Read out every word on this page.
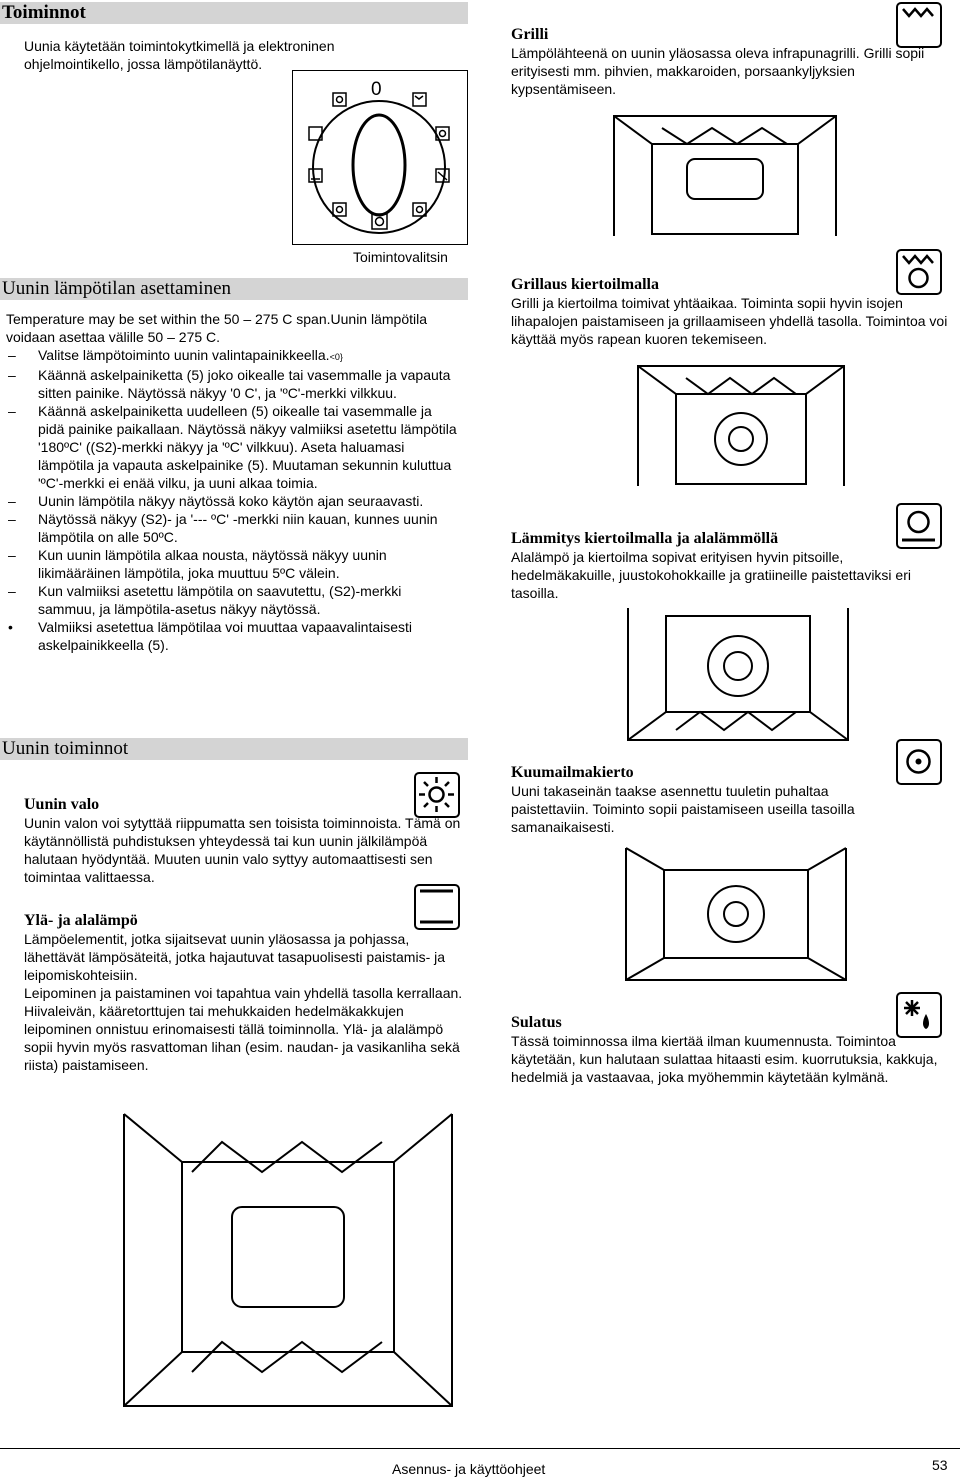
Toiminnot
Uunia käytetään toimintokytkimellä ja elektroninen ohjelmointikello, jossa lämpötilanäyttö.
0
Toimintovalitsin
Uunin lämpötilan asettaminen
Temperature may be set within the 50 – 275 C span.Uunin lämpötila voidaan asettaa välille 50 – 275 C.
– Valitse lämpötoiminto uunin valintapainikkeella.<0}
– Käännä askelpainiketta (5) joko oikealle tai vasemmalle ja vapauta sitten painike. Näytössä näkyy '0 C', ja 'ºC'-merkki vilkkuu.
– Käännä askelpainiketta uudelleen (5) oikealle tai vasemmalle ja pidä painike paikallaan. Näytössä näkyy valmiiksi asetettu lämpötila '180ºC' ((S2)-merkki näkyy ja 'ºC' vilkkuu). Aseta haluamasi lämpötila ja vapauta askelpainike (5). Muutaman sekunnin kuluttua 'ºC'-merkki ei enää vilku, ja uuni alkaa toimia.
– Uunin lämpötila näkyy näytössä koko käytön ajan seuraavasti.
– Näytössä näkyy (S2)- ja '--- ºC' -merkki niin kauan, kunnes uunin lämpötila on alle 50ºC.
– Kun uunin lämpötila alkaa nousta, näytössä näkyy uunin likimääräinen lämpötila, joka muuttuu 5ºC välein.
– Kun valmiiksi asetettu lämpötila on saavutettu, (S2)-merkki sammuu, ja lämpötila-asetus näkyy näytössä.
• Valmiiksi asetettua lämpötilaa voi muuttaa vapaavalintaisesti askelpainikkeella (5).
Uunin toiminnot
Uunin valo
Uunin valon voi sytyttää riippumatta sen toisista toiminnoista. Tämä on käytännöllistä puhdistuksen yhteydessä tai kun uunin jälkilämpöä halutaan hyödyntää. Muuten uunin valo syttyy automaattisesti sen toimintaa valittaessa.
Ylä- ja alalämpö
Lämpöelementit, jotka sijaitsevat uunin yläosassa ja pohjassa, lähettävät lämpösäteitä, jotka hajautuvat tasapuolisesti paistamis- ja leipomiskohteisiin.
Leipominen ja paistaminen voi tapahtua vain yhdellä tasolla kerrallaan.
Hiivaleivän, kääretorttujen tai mehukkaiden hedelmäkakkujen leipominen onnistuu erinomaisesti tällä toiminnolla. Ylä- ja alalämpö sopii hyvin myös rasvattoman lihan (esim. naudan- ja vasikanliha sekä riista) paistamiseen.
Grilli
Lämpölähteenä on uunin yläosassa oleva infrapunagrilli. Grilli sopii erityisesti mm. pihvien, makkaroiden, porsaankyljyksien kypsentämiseen.
Grillaus kiertoilmalla
Grilli ja kiertoilma toimivat yhtäaikaa. Toiminta sopii hyvin isojen lihapalojen paistamiseen ja grillaamiseen yhdellä tasolla. Toimintoa voi käyttää myös rapean kuoren tekemiseen.
Lämmitys kiertoilmalla ja alalämmöllä
Alalämpö ja kiertoilma sopivat erityisen hyvin pitsoille, hedelmäkakuille, juustokohokkaille ja gratiineille paistettaviksi eri tasoilla.
Kuumailmakierto
Uuni takaseinän taakse asennettu tuuletin puhaltaa paistettaviin. Toiminto sopii paistamiseen useilla tasoilla samanaikaisesti.
Sulatus
Tässä toiminnossa ilma kiertää ilman kuumennusta. Toimintoa käytetään, kun halutaan sulattaa hitaasti esim. kuorrutuksia, kakkuja, hedelmiä ja vastaavaa, joka myöhemmin käytetään kylmänä.
Asennus- ja käyttöohjeet	53
